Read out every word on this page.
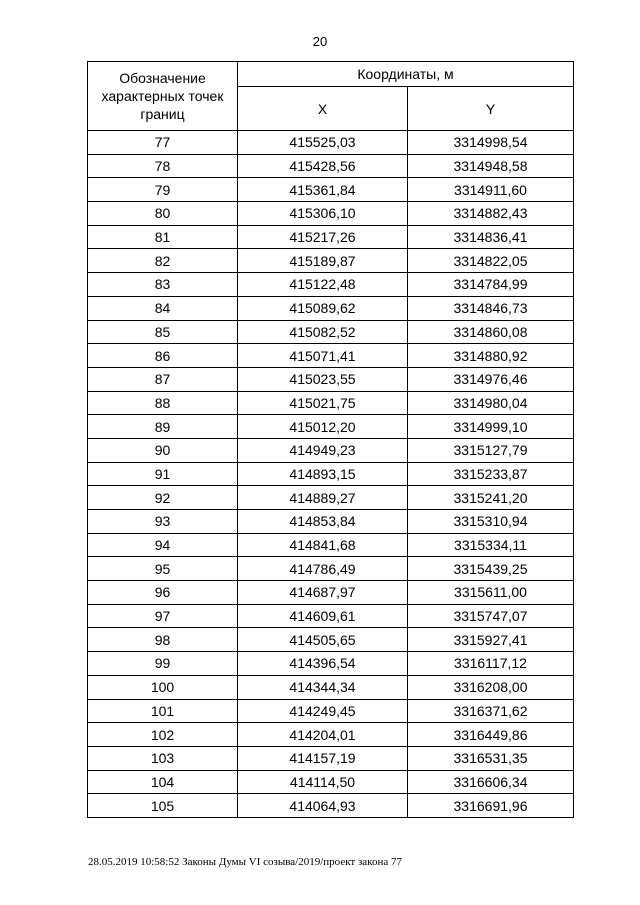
20
Обозначение характерных точек границ	Координаты, м	
	X	Y
77	415525,03	3314998,54
78	415428,56	3314948,58
79	415361,84	3314911,60
80	415306,10	3314882,43
81	415217,26	3314836,41
82	415189,87	3314822,05
83	415122,48	3314784,99
84	415089,62	3314846,73
85	415082,52	3314860,08
86	415071,41	3314880,92
87	415023,55	3314976,46
88	415021,75	3314980,04
89	415012,20	3314999,10
90	414949,23	3315127,79
91	414893,15	3315233,87
92	414889,27	3315241,20
93	414853,84	3315310,94
94	414841,68	3315334,11
95	414786,49	3315439,25
96	414687,97	3315611,00
97	414609,61	3315747,07
98	414505,65	3315927,41
99	414396,54	3316117,12
100	414344,34	3316208,00
101	414249,45	3316371,62
102	414204,01	3316449,86
103	414157,19	3316531,35
104	414114,50	3316606,34
105	414064,93	3316691,96
28.05.2019 10:58:52 Законы Думы VI созыва/2019/проект закона 77
